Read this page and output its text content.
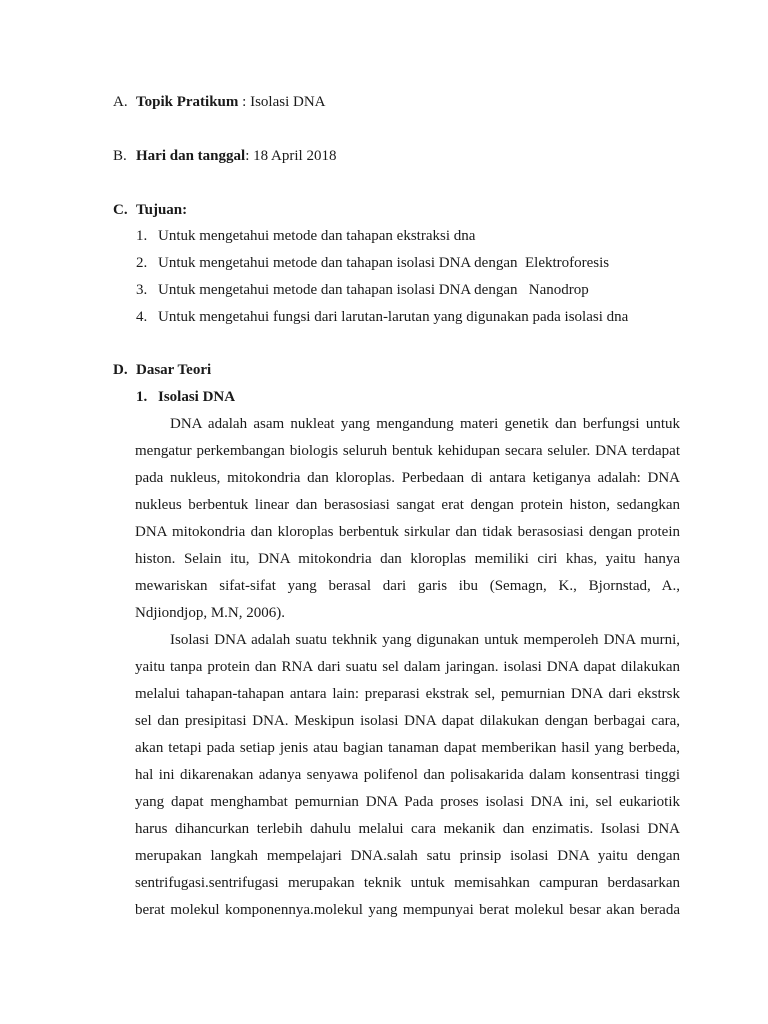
A. Topik Pratikum : Isolasi DNA
B. Hari dan tanggal: 18 April 2018
C. Tujuan:
1. Untuk mengetahui metode dan tahapan ekstraksi dna
2. Untuk mengetahui metode dan tahapan isolasi DNA dengan  Elektroforesis
3. Untuk mengetahui metode dan tahapan isolasi DNA dengan   Nanodrop
4. Untuk mengetahui fungsi dari larutan-larutan yang digunakan pada isolasi dna
D. Dasar Teori
1. Isolasi DNA
DNA adalah asam nukleat yang mengandung materi genetik dan berfungsi untuk
mengatur perkembangan biologis seluruh bentuk kehidupan secara seluler. DNA terdapat
pada nukleus, mitokondria dan kloroplas. Perbedaan di antara ketiganya adalah: DNA
nukleus berbentuk linear dan berasosiasi sangat erat dengan protein histon, sedangkan
DNA mitokondria dan kloroplas berbentuk sirkular dan tidak berasosiasi dengan protein
histon. Selain itu, DNA mitokondria dan kloroplas memiliki ciri khas, yaitu hanya
mewariskan sifat-sifat yang berasal dari garis ibu (Semagn, K., Bjornstad, A.,
Ndjiondjop, M.N, 2006).
Isolasi DNA adalah suatu tekhnik yang digunakan untuk memperoleh DNA murni,
yaitu tanpa protein dan RNA dari suatu sel dalam jaringan. isolasi DNA dapat dilakukan
melalui tahapan-tahapan antara lain: preparasi ekstrak sel, pemurnian DNA dari ekstrsk
sel dan presipitasi DNA. Meskipun isolasi DNA dapat dilakukan dengan berbagai cara,
akan tetapi pada setiap jenis atau bagian tanaman dapat memberikan hasil yang berbeda,
hal ini dikarenakan adanya senyawa polifenol dan polisakarida dalam konsentrasi tinggi
yang dapat menghambat pemurnian DNA Pada proses isolasi DNA ini, sel eukariotik
harus dihancurkan terlebih dahulu melalui cara mekanik dan enzimatis. Isolasi DNA
merupakan langkah mempelajari DNA.salah satu prinsip isolasi DNA yaitu dengan
sentrifugasi.sentrifugasi merupakan teknik untuk memisahkan campuran berdasarkan
berat molekul komponennya.molekul yang mempunyai berat molekul besar akan berada
